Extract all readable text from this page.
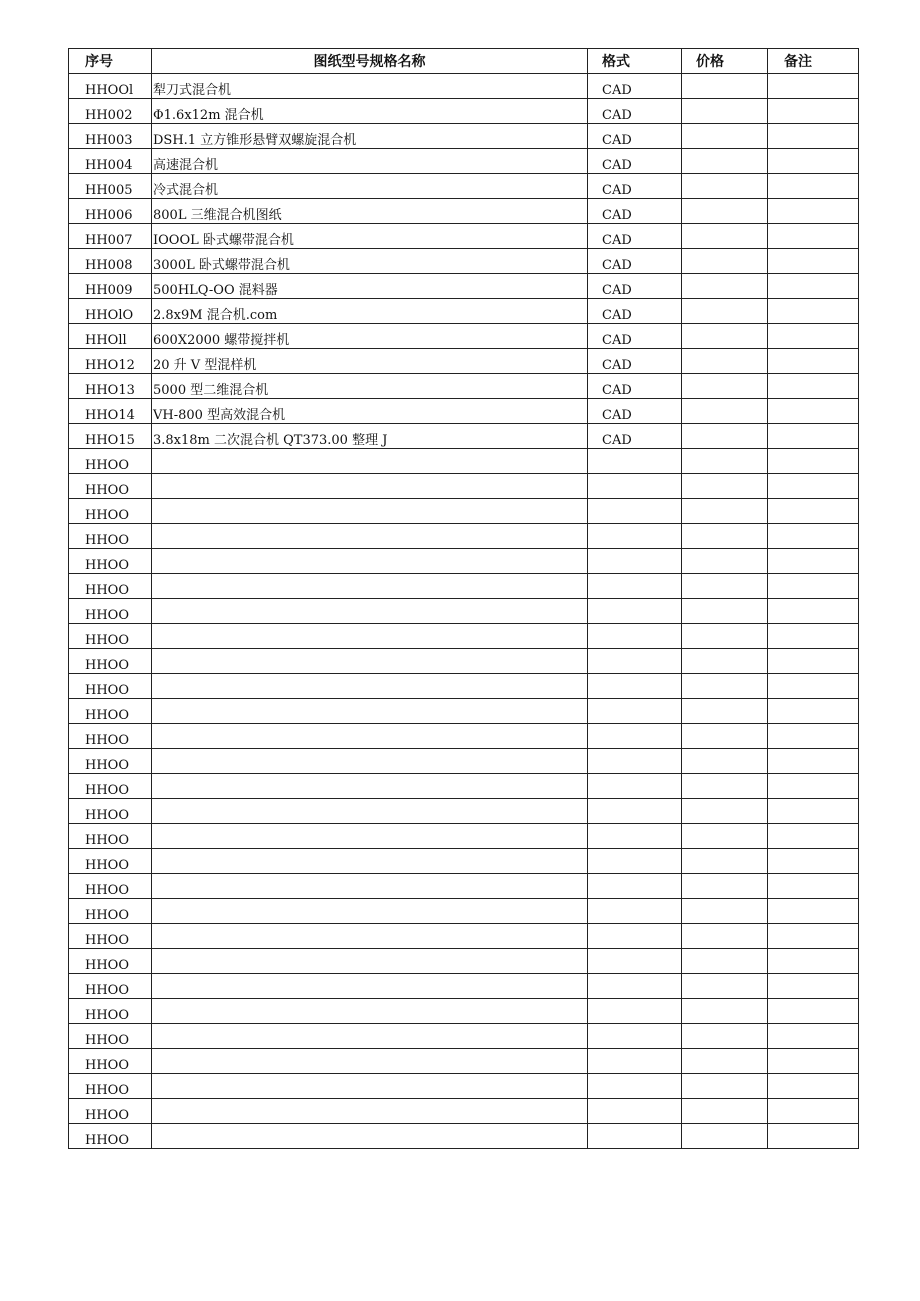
序号	图纸型号规格名称	格式	价格	备注
HHOOl	犁刀式混合机	CAD		
HH002	Φ1.6x12m 混合机	CAD		
HH003	DSH.1 立方锥形悬臂双螺旋混合机	CAD		
HH004	高速混合机	CAD		
HH005	冷式混合机	CAD		
HH006	800L 三维混合机图纸	CAD		
HH007	IOOOL 卧式螺带混合机	CAD		
HH008	3000L 卧式螺带混合机	CAD		
HH009	500HLQ-OO 混料器	CAD		
HHOlO	2.8x9M 混合机.com	CAD		
HHOll	600X2000 螺带搅拌机	CAD		
HHO12	20 升 V 型混样机	CAD		
HHO13	5000 型二维混合机	CAD		
HHO14	VH-800 型高效混合机	CAD		
HHO15	3.8x18m 二次混合机 QT373.00 整理 J	CAD		
HHOO				
HHOO				
HHOO				
HHOO				
HHOO				
HHOO				
HHOO				
HHOO				
HHOO				
HHOO				
HHOO				
HHOO				
HHOO				
HHOO				
HHOO				
HHOO				
HHOO				
HHOO				
HHOO				
HHOO				
HHOO				
HHOO				
HHOO				
HHOO				
HHOO				
HHOO				
HHOO				
HHOO				
